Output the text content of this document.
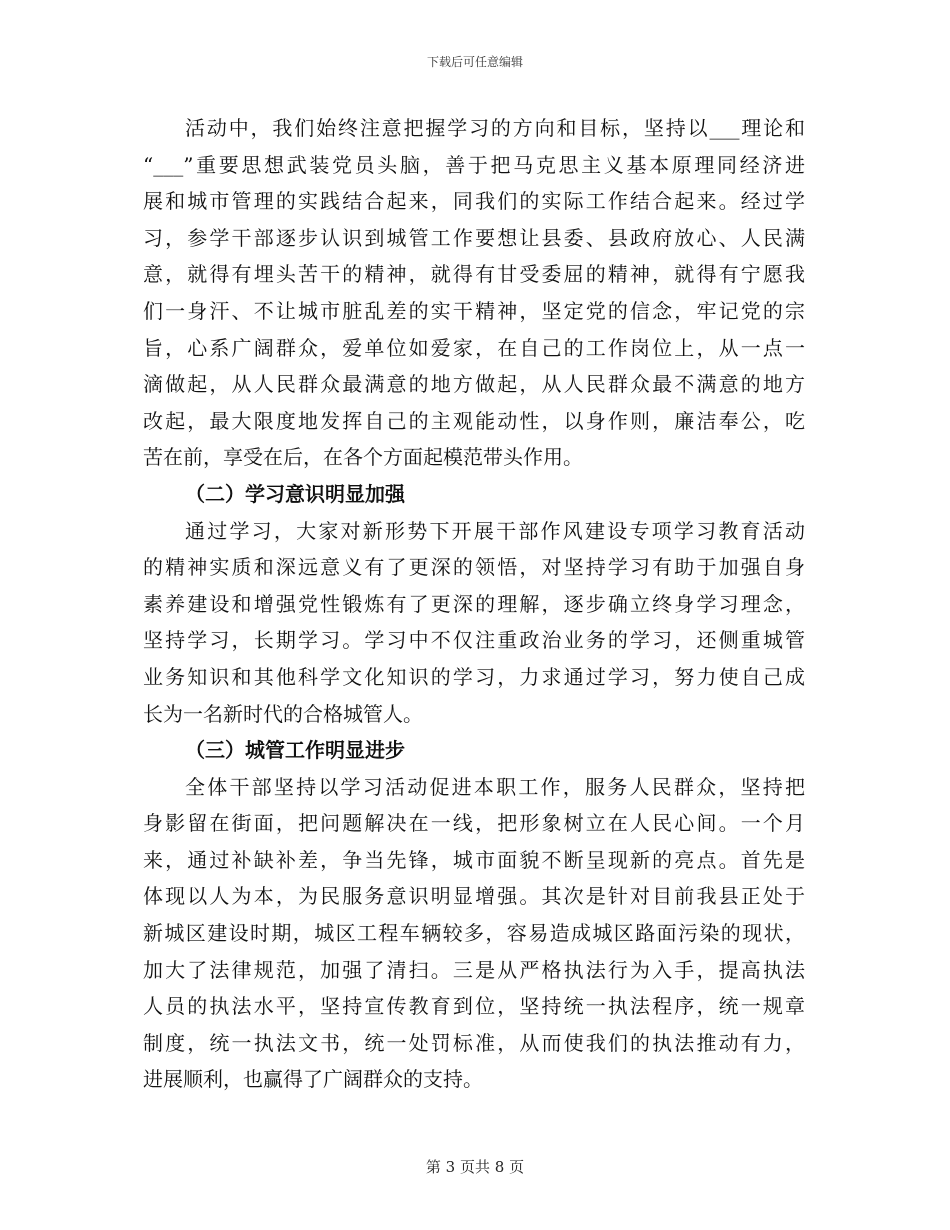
下载后可任意编辑
活动中，我们始终注意把握学习的方向和目标，坚持以___理论和
“___”重要思想武装党员头脑，善于把马克思主义基本原理同经济进
展和城市管理的实践结合起来，同我们的实际工作结合起来。经过学
习，参学干部逐步认识到城管工作要想让县委、县政府放心、人民满
意，就得有埋头苦干的精神，就得有甘受委屈的精神，就得有宁愿我
们一身汗、不让城市脏乱差的实干精神，坚定党的信念，牢记党的宗
旨，心系广阔群众，爱单位如爱家，在自己的工作岗位上，从一点一
滴做起，从人民群众最满意的地方做起，从人民群众最不满意的地方
改起，最大限度地发挥自己的主观能动性，以身作则，廉洁奉公，吃
苦在前，享受在后，在各个方面起模范带头作用。
（二）学习意识明显加强
通过学习，大家对新形势下开展干部作风建设专项学习教育活动
的精神实质和深远意义有了更深的领悟，对坚持学习有助于加强自身
素养建设和增强党性锻炼有了更深的理解，逐步确立终身学习理念，
坚持学习，长期学习。学习中不仅注重政治业务的学习，还侧重城管
业务知识和其他科学文化知识的学习，力求通过学习，努力使自己成
长为一名新时代的合格城管人。
（三）城管工作明显进步
全体干部坚持以学习活动促进本职工作，服务人民群众，坚持把
身影留在街面，把问题解决在一线，把形象树立在人民心间。一个月
来，通过补缺补差，争当先锋，城市面貌不断呈现新的亮点。首先是
体现以人为本，为民服务意识明显增强。其次是针对目前我县正处于
新城区建设时期，城区工程车辆较多，容易造成城区路面污染的现状，
加大了法律规范，加强了清扫。三是从严格执法行为入手，提高执法
人员的执法水平，坚持宣传教育到位，坚持统一执法程序，统一规章
制度，统一执法文书，统一处罚标准，从而使我们的执法推动有力，
进展顺利，也赢得了广阔群众的支持。
第 3 页共 8 页
